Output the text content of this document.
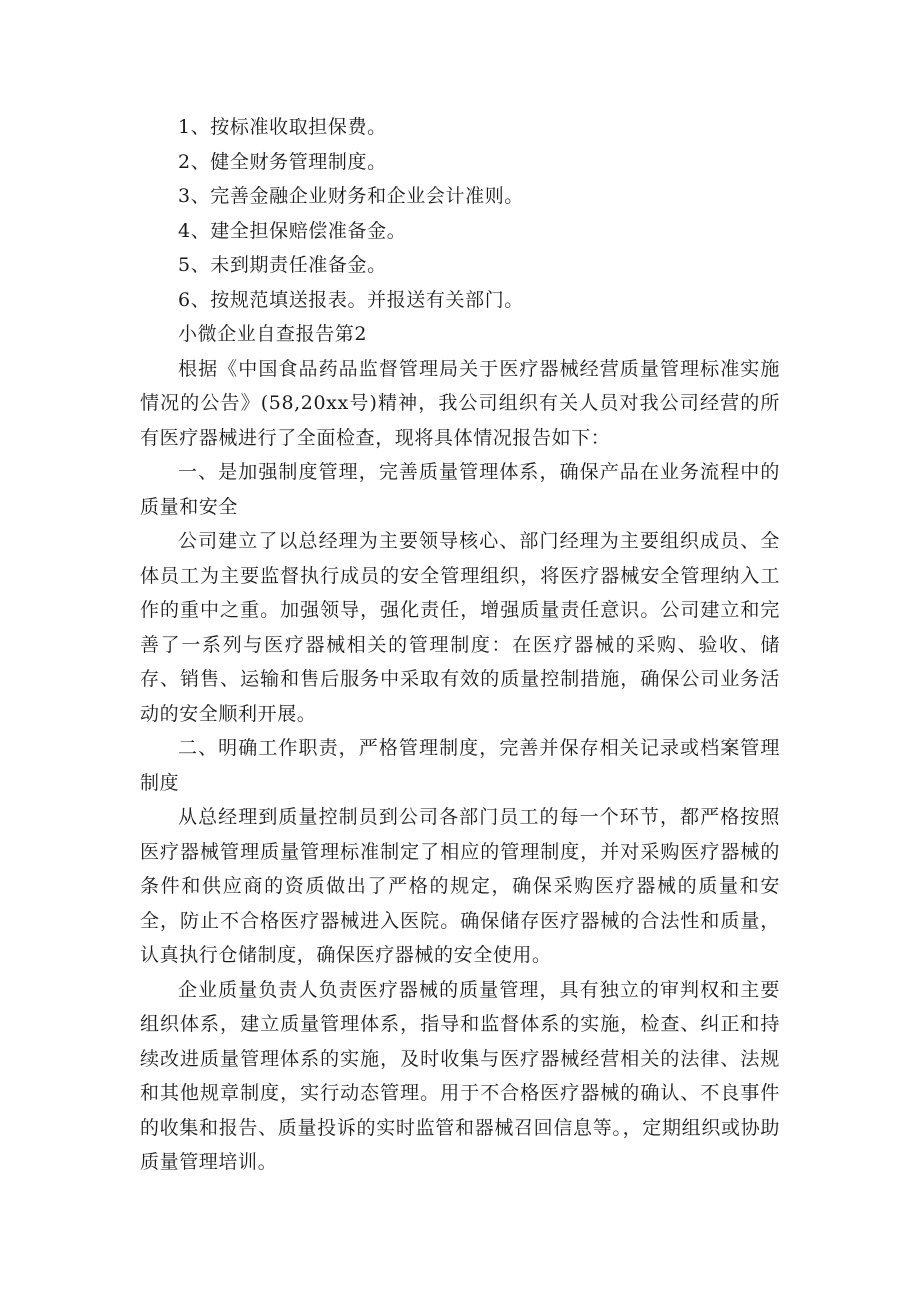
1、按标准收取担保费。

2、健全财务管理制度。

3、完善金融企业财务和企业会计准则。

4、建全担保赔偿准备金。

5、未到期责任准备金。

6、按规范填送报表。并报送有关部门。

小微企业自查报告第2

根据《中国食品药品监督管理局关于医疗器械经营质量管理标准实施情况的公告》(58,20xx号)精神，我公司组织有关人员对我公司经营的所有医疗器械进行了全面检查，现将具体情况报告如下：

一、是加强制度管理，完善质量管理体系，确保产品在业务流程中的质量和安全

公司建立了以总经理为主要领导核心、部门经理为主要组织成员、全体员工为主要监督执行成员的安全管理组织，将医疗器械安全管理纳入工作的重中之重。加强领导，强化责任，增强质量责任意识。公司建立和完善了一系列与医疗器械相关的管理制度：在医疗器械的采购、验收、储存、销售、运输和售后服务中采取有效的质量控制措施，确保公司业务活动的安全顺利开展。

二、明确工作职责，严格管理制度，完善并保存相关记录或档案管理制度

从总经理到质量控制员到公司各部门员工的每一个环节，都严格按照医疗器械管理质量管理标准制定了相应的管理制度，并对采购医疗器械的条件和供应商的资质做出了严格的规定，确保采购医疗器械的质量和安全，防止不合格医疗器械进入医院。确保储存医疗器械的合法性和质量，认真执行仓储制度，确保医疗器械的安全使用。

企业质量负责人负责医疗器械的质量管理，具有独立的审判权和主要组织体系，建立质量管理体系，指导和监督体系的实施，检查、纠正和持续改进质量管理体系的实施，及时收集与医疗器械经营相关的法律、法规和其他规章制度，实行动态管理。用于不合格医疗器械的确认、不良事件的收集和报告、质量投诉的实时监管和器械召回信息等。，定期组织或协助质量管理培训。
